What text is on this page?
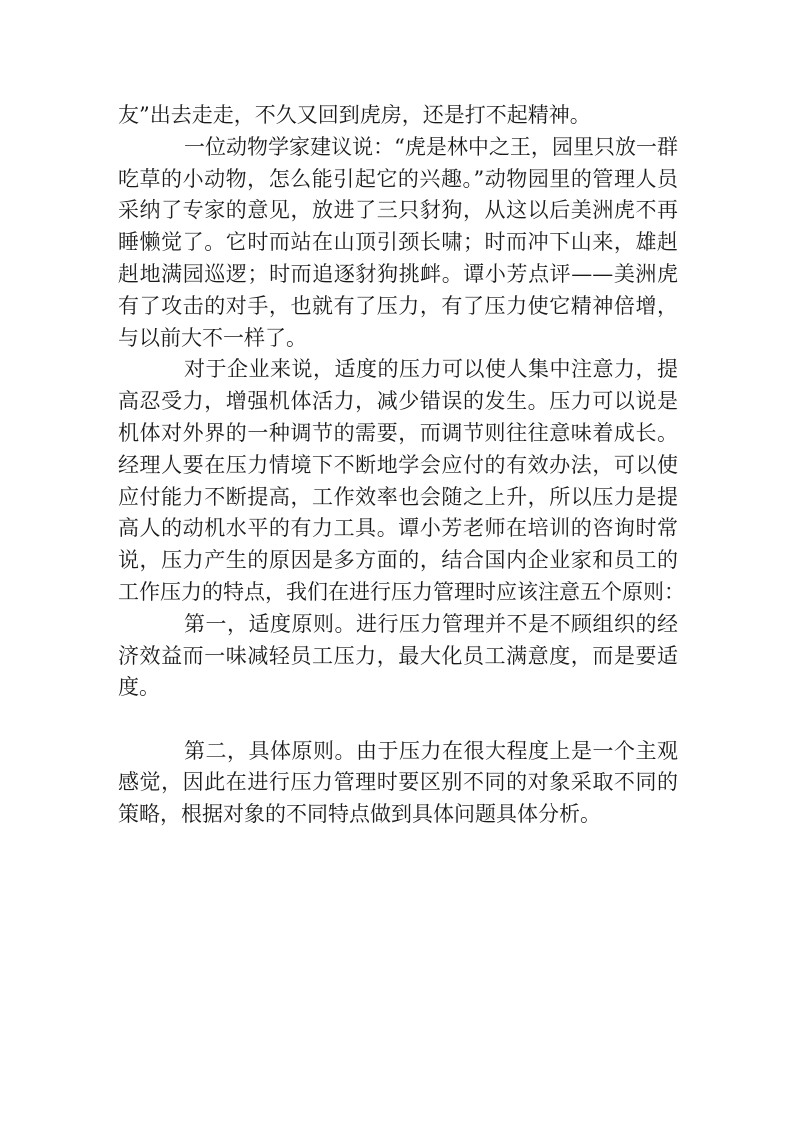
友”出去走走，不久又回到虎房，还是打不起精神。
一位动物学家建议说：“虎是林中之王，园里只放一群
吃草的小动物，怎么能引起它的兴趣。”动物园里的管理人员
采纳了专家的意见，放进了三只豺狗，从这以后美洲虎不再
睡懒觉了。它时而站在山顶引颈长啸；时而冲下山来，雄赳
赳地满园巡逻；时而追逐豺狗挑衅。谭小芳点评——美洲虎
有了攻击的对手，也就有了压力，有了压力使它精神倍增，
与以前大不一样了。
对于企业来说，适度的压力可以使人集中注意力，提
高忍受力，增强机体活力，减少错误的发生。压力可以说是
机体对外界的一种调节的需要，而调节则往往意味着成长。
经理人要在压力情境下不断地学会应付的有效办法，可以使
应付能力不断提高，工作效率也会随之上升，所以压力是提
高人的动机水平的有力工具。谭小芳老师在培训的咨询时常
说，压力产生的原因是多方面的，结合国内企业家和员工的
工作压力的特点，我们在进行压力管理时应该注意五个原则：
第一，适度原则。进行压力管理并不是不顾组织的经
济效益而一味减轻员工压力，最大化员工满意度，而是要适
度。
第二，具体原则。由于压力在很大程度上是一个主观
感觉，因此在进行压力管理时要区别不同的对象采取不同的
策略，根据对象的不同特点做到具体问题具体分析。
